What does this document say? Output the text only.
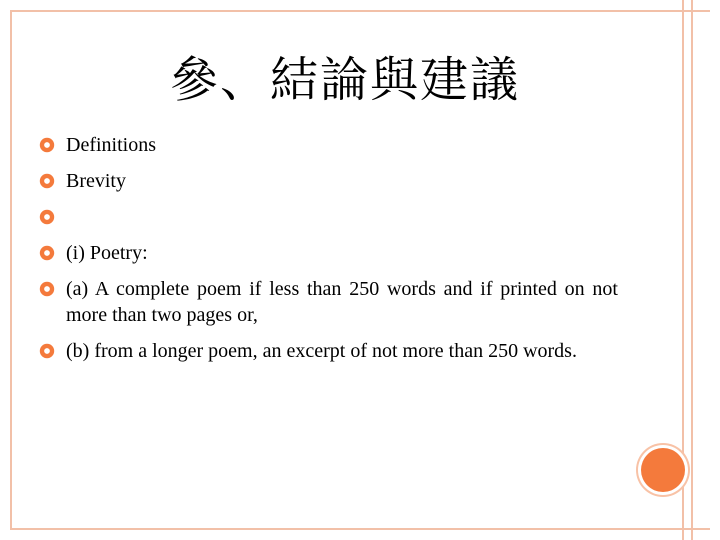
參、結論與建議
Definitions
Brevity
(i) Poetry:
(a) A complete poem if less than 250 words and if printed on not more than two pages or,
(b) from a longer poem, an excerpt of not more than 250 words.
